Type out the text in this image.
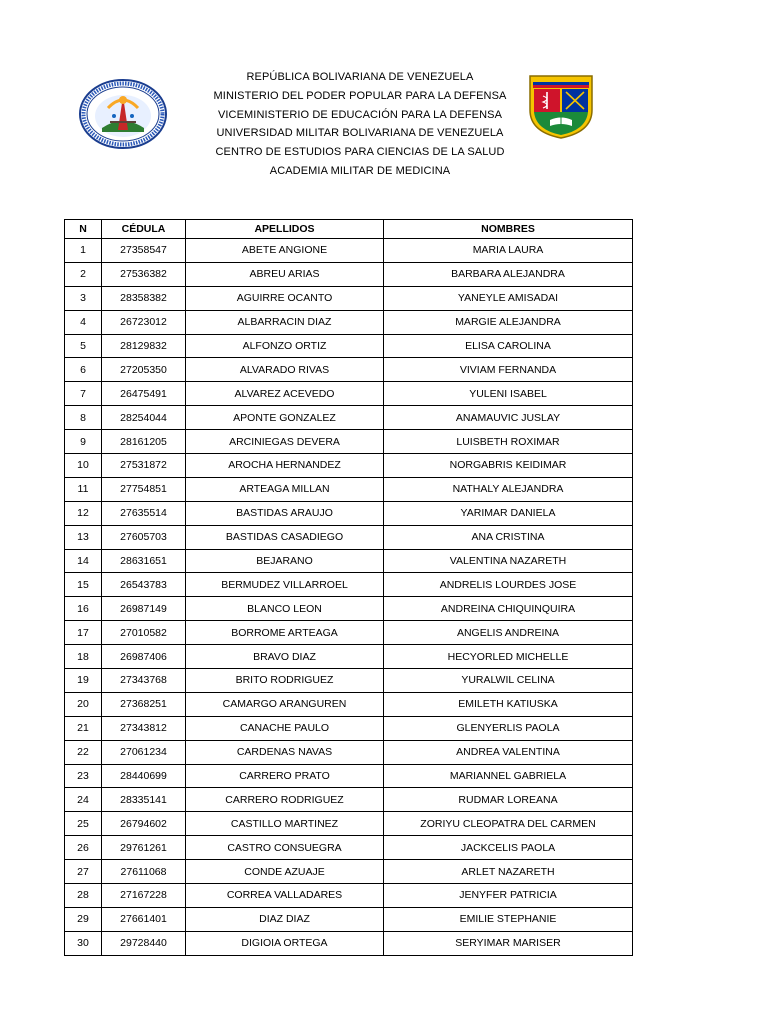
REPÚBLICA BOLIVARIANA DE VENEZUELA
MINISTERIO DEL PODER POPULAR PARA LA DEFENSA
VICEMINISTERIO DE EDUCACIÓN PARA LA DEFENSA
UNIVERSIDAD MILITAR BOLIVARIANA DE VENEZUELA
CENTRO DE ESTUDIOS PARA CIENCIAS DE LA SALUD
ACADEMIA MILITAR DE MEDICINA
N	CÉDULA	APELLIDOS	NOMBRES
1	27358547	ABETE ANGIONE	MARIA LAURA
2	27536382	ABREU ARIAS	BARBARA ALEJANDRA
3	28358382	AGUIRRE OCANTO	YANEYLE AMISADAI
4	26723012	ALBARRACIN DIAZ	MARGIE ALEJANDRA
5	28129832	ALFONZO ORTIZ	ELISA CAROLINA
6	27205350	ALVARADO RIVAS	VIVIAM FERNANDA
7	26475491	ALVAREZ ACEVEDO	YULENI ISABEL
8	28254044	APONTE GONZALEZ	ANAMAUVIC JUSLAY
9	28161205	ARCINIEGAS DEVERA	LUISBETH ROXIMAR
10	27531872	AROCHA HERNANDEZ	NORGABRIS KEIDIMAR
11	27754851	ARTEAGA MILLAN	NATHALY ALEJANDRA
12	27635514	BASTIDAS ARAUJO	YARIMAR DANIELA
13	27605703	BASTIDAS CASADIEGO	ANA CRISTINA
14	28631651	BEJARANO	VALENTINA NAZARETH
15	26543783	BERMUDEZ VILLARROEL	ANDRELIS LOURDES JOSE
16	26987149	BLANCO LEON	ANDREINA CHIQUINQUIRA
17	27010582	BORROME ARTEAGA	ANGELIS ANDREINA
18	26987406	BRAVO DIAZ	HECYORLED MICHELLE
19	27343768	BRITO RODRIGUEZ	YURALWIL CELINA
20	27368251	CAMARGO ARANGUREN	EMILETH KATIUSKA
21	27343812	CANACHE PAULO	GLENYERLIS PAOLA
22	27061234	CARDENAS NAVAS	ANDREA VALENTINA
23	28440699	CARRERO PRATO	MARIANNEL GABRIELA
24	28335141	CARRERO RODRIGUEZ	RUDMAR LOREANA
25	26794602	CASTILLO MARTINEZ	ZORIYU CLEOPATRA DEL CARMEN
26	29761261	CASTRO CONSUEGRA	JACKCELIS PAOLA
27	27611068	CONDE AZUAJE	ARLET NAZARETH
28	27167228	CORREA VALLADARES	JENYFER PATRICIA
29	27661401	DIAZ DIAZ	EMILIE STEPHANIE
30	29728440	DIGIOIA ORTEGA	SERYIMAR MARISER
